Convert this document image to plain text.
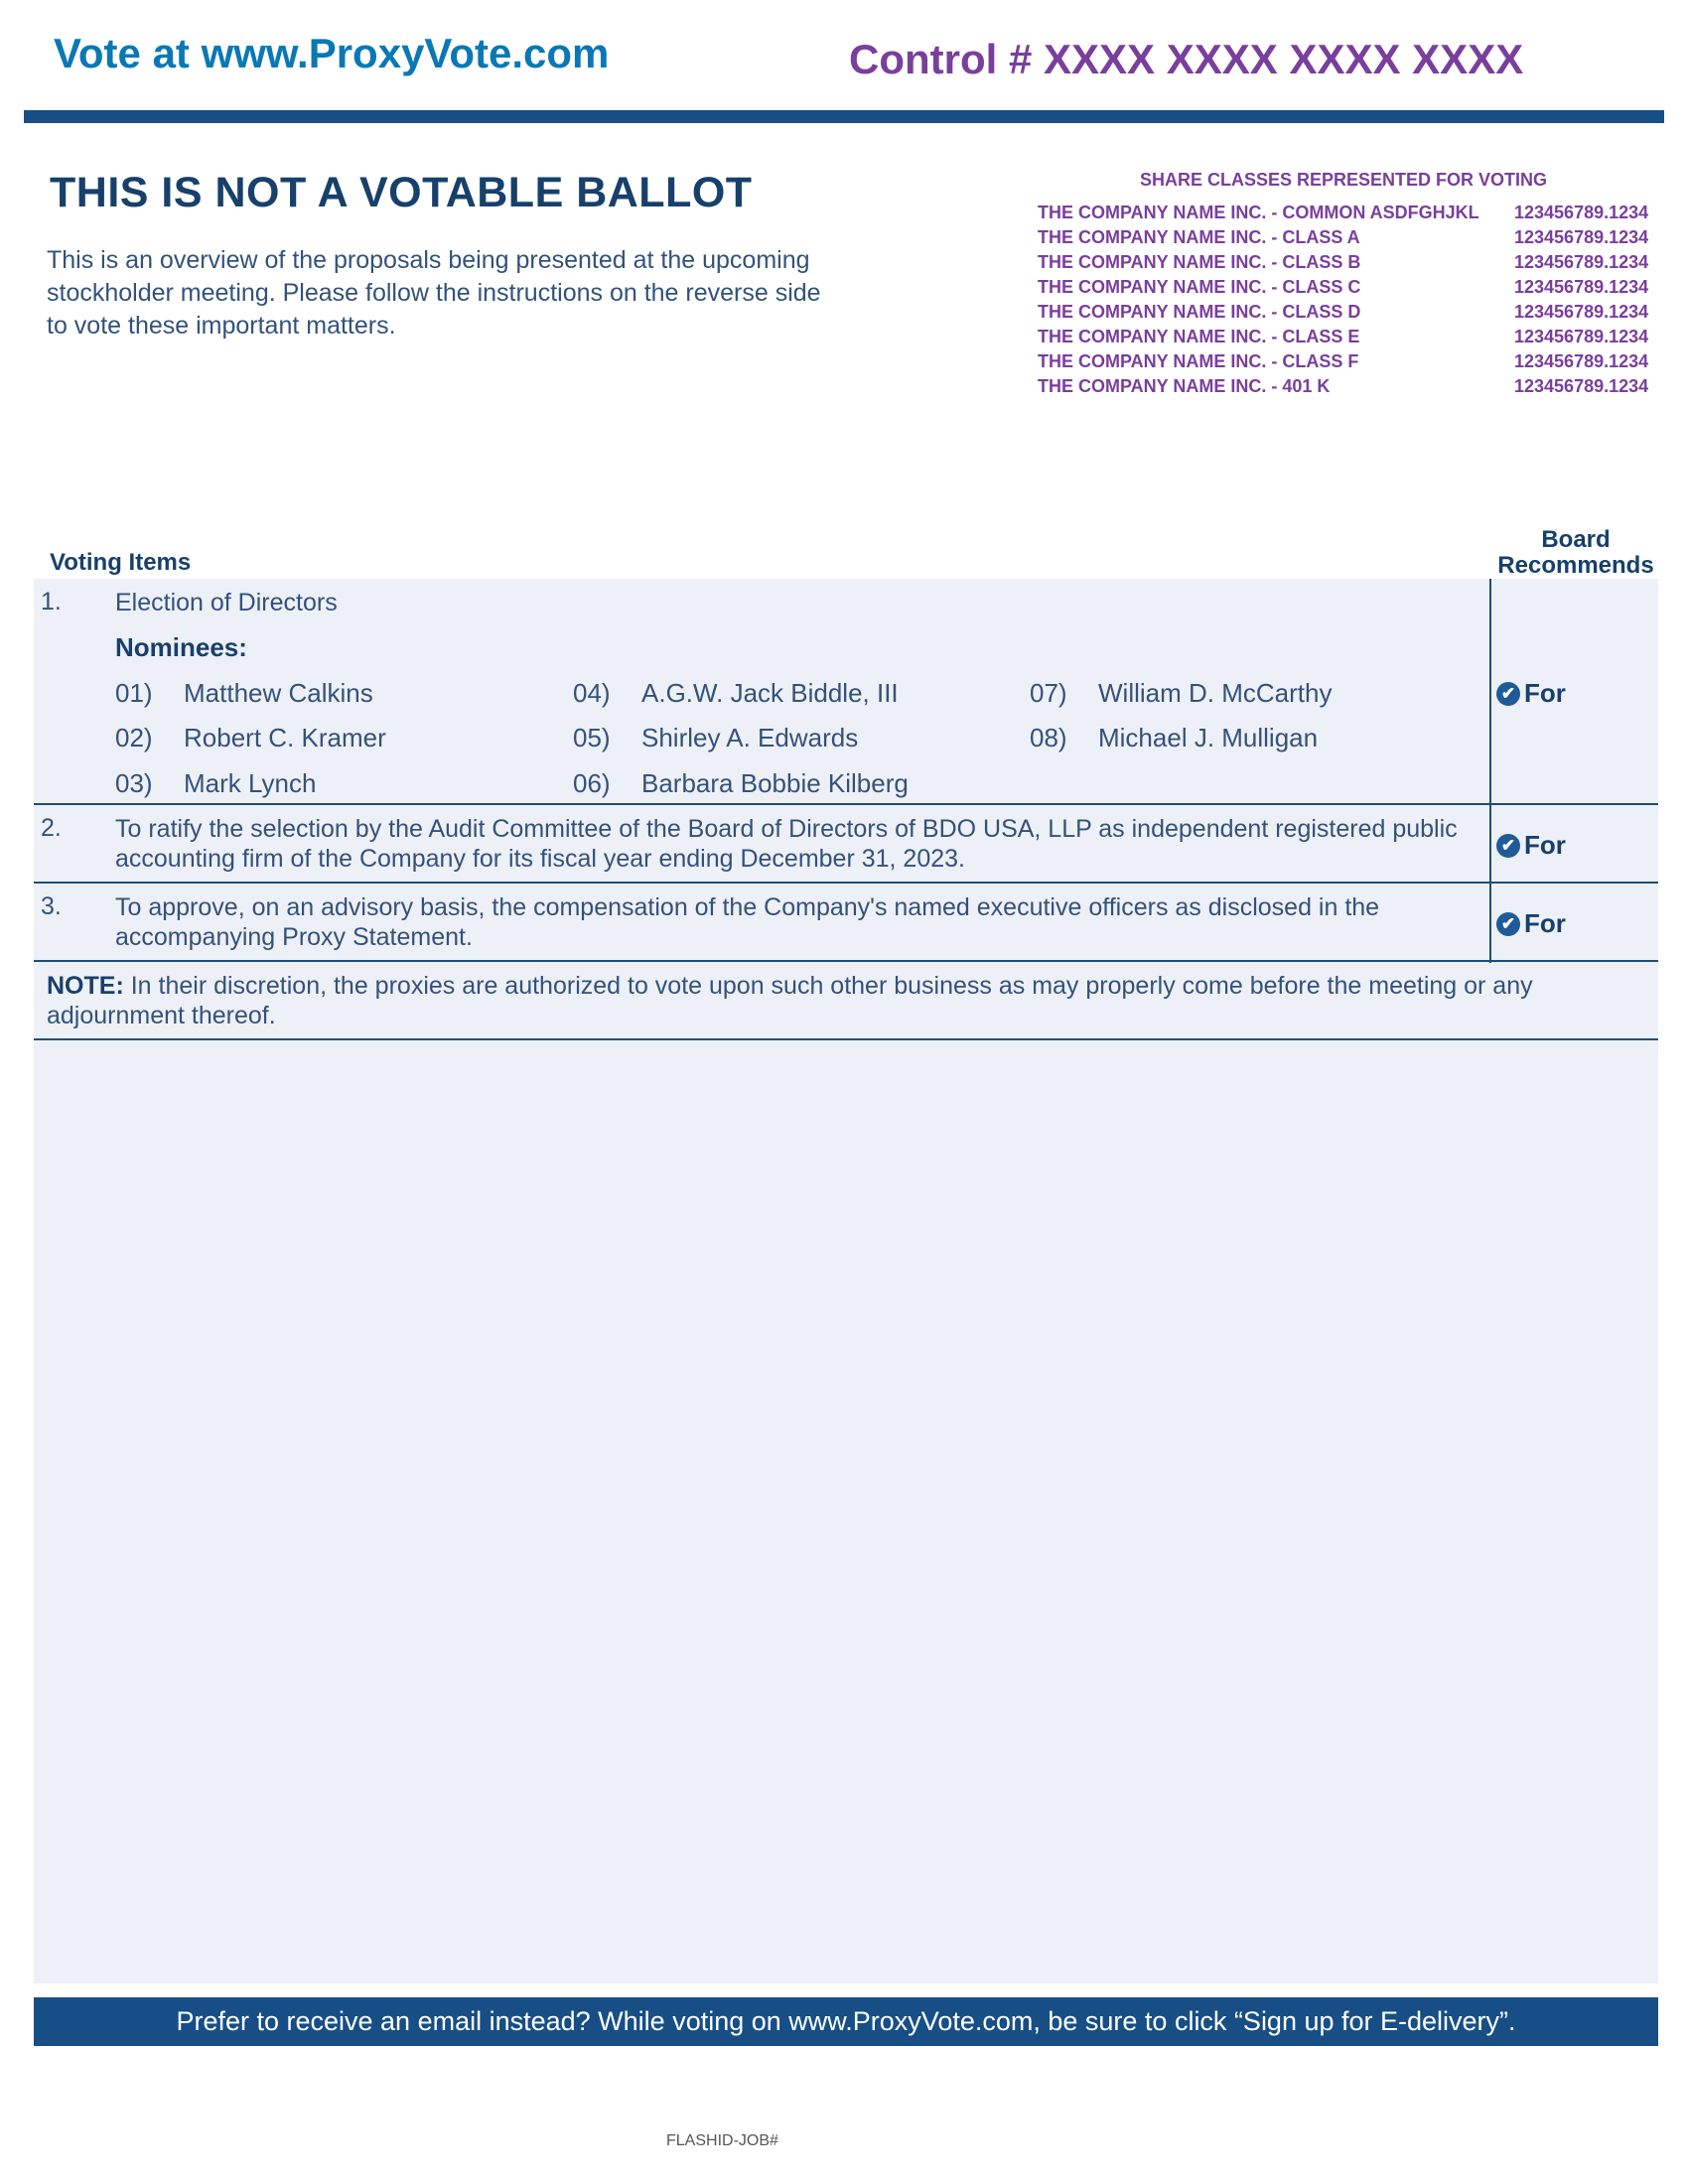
Vote at www.ProxyVote.com	Control # XXXX XXXX XXXX XXXX
THIS IS NOT A VOTABLE BALLOT
This is an overview of the proposals being presented at the upcoming stockholder meeting. Please follow the instructions on the reverse side to vote these important matters.
SHARE CLASSES REPRESENTED FOR VOTING
THE COMPANY NAME INC. - COMMON ASDFGHJKL 123456789.1234
THE COMPANY NAME INC. - CLASS A	123456789.1234
THE COMPANY NAME INC. - CLASS B	123456789.1234
THE COMPANY NAME INC. - CLASS C	123456789.1234
THE COMPANY NAME INC. - CLASS D	123456789.1234
THE COMPANY NAME INC. - CLASS E	123456789.1234
THE COMPANY NAME INC. - CLASS F	123456789.1234
THE COMPANY NAME INC. - 401 K	123456789.1234
Voting Items
Board Recommends
1. Election of Directors
Nominees:
01)	Matthew Calkins
02)	Robert C. Kramer
03)	Mark Lynch
04)	A.G.W. Jack Biddle, III
05)	Shirley A. Edwards
06)	Barbara Bobbie Kilberg
07)	William D. McCarthy
08)	Michael J. Mulligan
✔ For
2. To ratify the selection by the Audit Committee of the Board of Directors of BDO USA, LLP as independent registered public accounting firm of the Company for its fiscal year ending December 31, 2023.	✔ For
3. To approve, on an advisory basis, the compensation of the Company's named executive officers as disclosed in the accompanying Proxy Statement.	✔ For
NOTE: In their discretion, the proxies are authorized to vote upon such other business as may properly come before the meeting or any adjournment thereof.
Prefer to receive an email instead? While voting on www.ProxyVote.com, be sure to click “Sign up for E-delivery”.
FLASHID-JOB#
